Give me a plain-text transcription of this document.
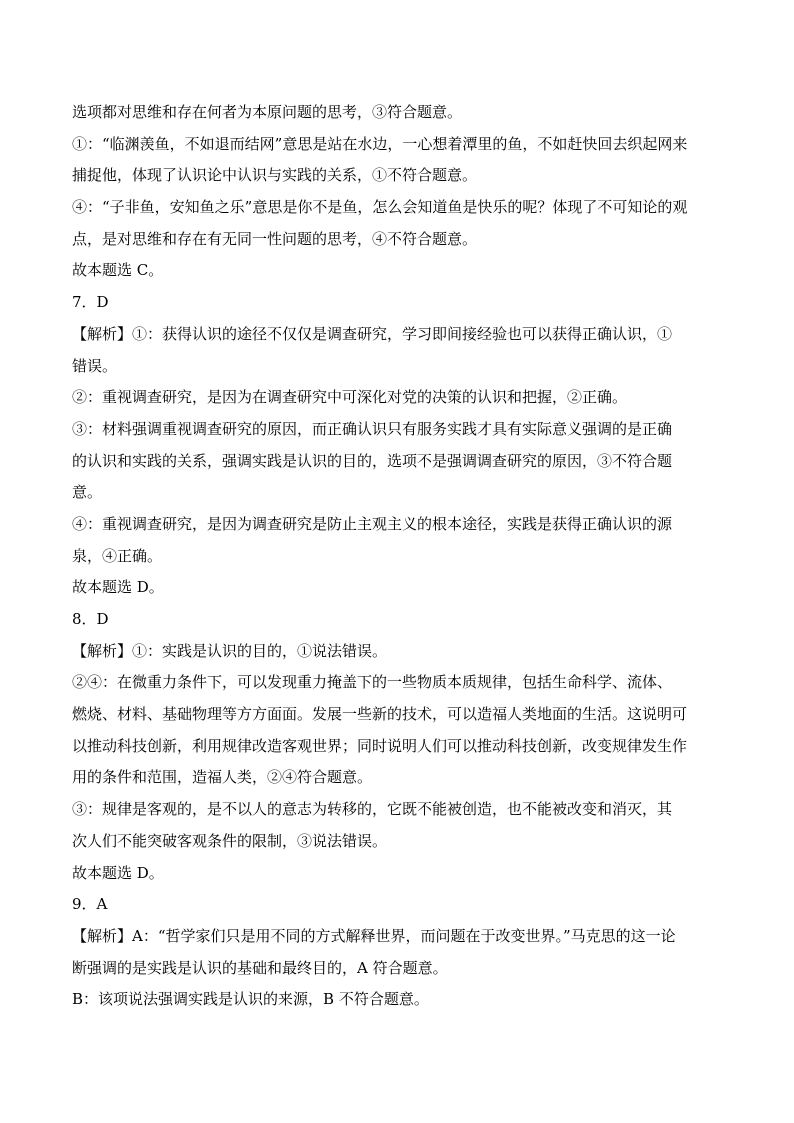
选项都对思维和存在何者为本原问题的思考，③符合题意。
①：“临渊羡鱼，不如退而结网”意思是站在水边，一心想着潭里的鱼，不如赶快回去织起网来
捕捉他，体现了认识论中认识与实践的关系，①不符合题意。
④：“子非鱼，安知鱼之乐”意思是你不是鱼，怎么会知道鱼是快乐的呢？体现了不可知论的观
点，是对思维和存在有无同一性问题的思考，④不符合题意。
故本题选 C。
7．D
【解析】①：获得认识的途径不仅仅是调查研究，学习即间接经验也可以获得正确认识，①
错误。
②：重视调查研究，是因为在调查研究中可深化对党的决策的认识和把握，②正确。
③：材料强调重视调查研究的原因，而正确认识只有服务实践才具有实际意义强调的是正确
的认识和实践的关系，强调实践是认识的目的，选项不是强调调查研究的原因，③不符合题
意。
④：重视调查研究，是因为调查研究是防止主观主义的根本途径，实践是获得正确认识的源
泉，④正确。
故本题选 D。
8．D
【解析】①：实践是认识的目的，①说法错误。
②④：在微重力条件下，可以发现重力掩盖下的一些物质本质规律，包括生命科学、流体、
燃烧、材料、基础物理等方方面面。发展一些新的技术，可以造福人类地面的生活。这说明可
以推动科技创新，利用规律改造客观世界；同时说明人们可以推动科技创新，改变规律发生作
用的条件和范围，造福人类，②④符合题意。
③：规律是客观的，是不以人的意志为转移的，它既不能被创造，也不能被改变和消灭，其
次人们不能突破客观条件的限制，③说法错误。
故本题选 D。
9．A
【解析】A：“哲学家们只是用不同的方式解释世界，而问题在于改变世界。”马克思的这一论
断强调的是实践是认识的基础和最终目的，A 符合题意。
B：该项说法强调实践是认识的来源，B 不符合题意。
